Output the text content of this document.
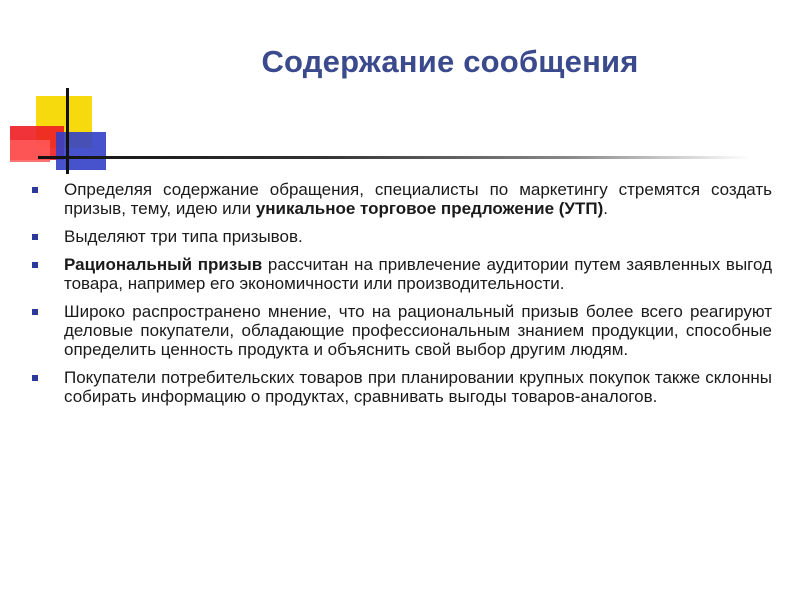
Содержание сообщения
Определяя содержание обращения, специалисты по маркетингу стремятся создать призыв, тему, идею или уникальное торговое предложение (УТП).
Выделяют три типа призывов.
Рациональный призыв рассчитан на привлечение аудитории путем заявленных выгод товара, например его экономичности или производительности.
Широко распространено мнение, что на рациональный призыв более всего реагируют деловые покупатели, обладающие профессиональным знанием продукции, способные определить ценность продукта и объяснить свой выбор другим людям.
Покупатели потребительских товаров при планировании крупных покупок также склонны собирать информацию о продуктах, сравнивать выгоды товаров-аналогов.
